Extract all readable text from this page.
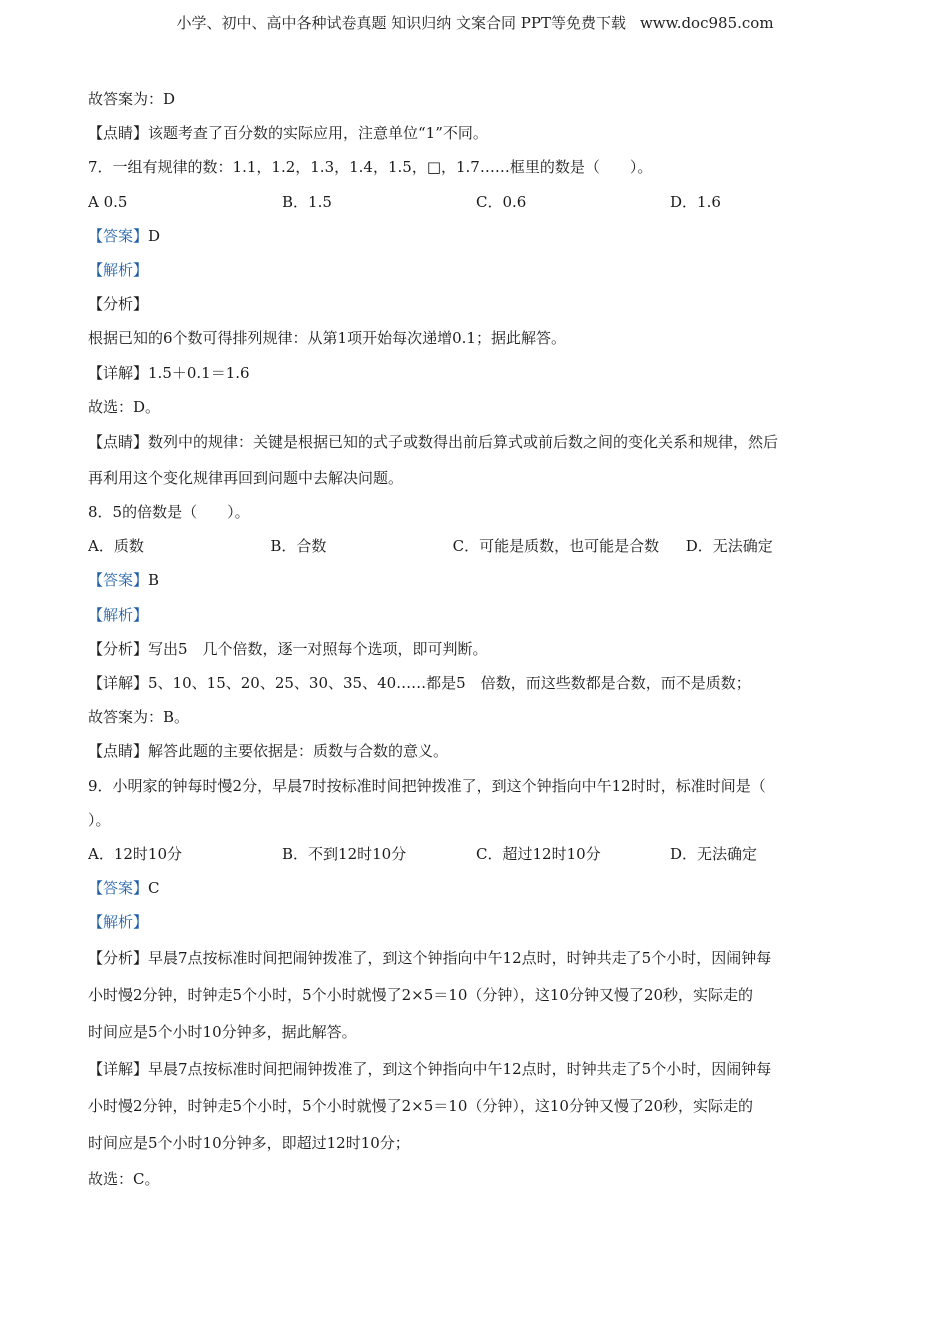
小学、初中、高中各种试卷真题 知识归纳 文案合同 PPT等免费下载 www.doc985.com
故答案为：D
【点睛】该题考查了百分数的实际应用，注意单位“1”不同。
7．一组有规律的数：1.1，1.2，1.3，1.4，1.5，□，1.7……框里的数是（　　）。
A 0.5	B．1.5	C．0.6	D．1.6
【答案】D
【解析】
【分析】
根据已知的6个数可得排列规律：从第1项开始每次递增0.1；据此解答。
【详解】1.5＋0.1＝1.6
故选：D。
【点睛】数列中的规律：关键是根据已知的式子或数得出前后算式或前后数之间的变化关系和规律，然后
再利用这个变化规律再回到问题中去解决问题。
8．5的倍数是（　　）。
A．质数	B．合数	C．可能是质数，也可能是合数	D．无法确定
【答案】B
【解析】
【分析】写出5　几个倍数，逐一对照每个选项，即可判断。
【详解】5、10、15、20、25、30、35、40……都是5　倍数，而这些数都是合数，而不是质数；
故答案为：B。
【点睛】解答此题的主要依据是：质数与合数的意义。
9．小明家的钟每时慢2分，早晨7时按标准时间把钟拨准了，到这个钟指向中午12时时，标准时间是（
）。
A．12时10分	B．不到12时10分	C．超过12时10分	D．无法确定
【答案】C
【解析】
【分析】早晨7点按标准时间把闹钟拨准了，到这个钟指向中午12点时，时钟共走了5个小时，因闹钟每
小时慢2分钟，时钟走5个小时，5个小时就慢了2×5＝10（分钟），这10分钟又慢了20秒，实际走的
时间应是5个小时10分钟多，据此解答。
【详解】早晨7点按标准时间把闹钟拨准了，到这个钟指向中午12点时，时钟共走了5个小时，因闹钟每
小时慢2分钟，时钟走5个小时，5个小时就慢了2×5＝10（分钟），这10分钟又慢了20秒，实际走的
时间应是5个小时10分钟多，即超过12时10分；
故选：C。
